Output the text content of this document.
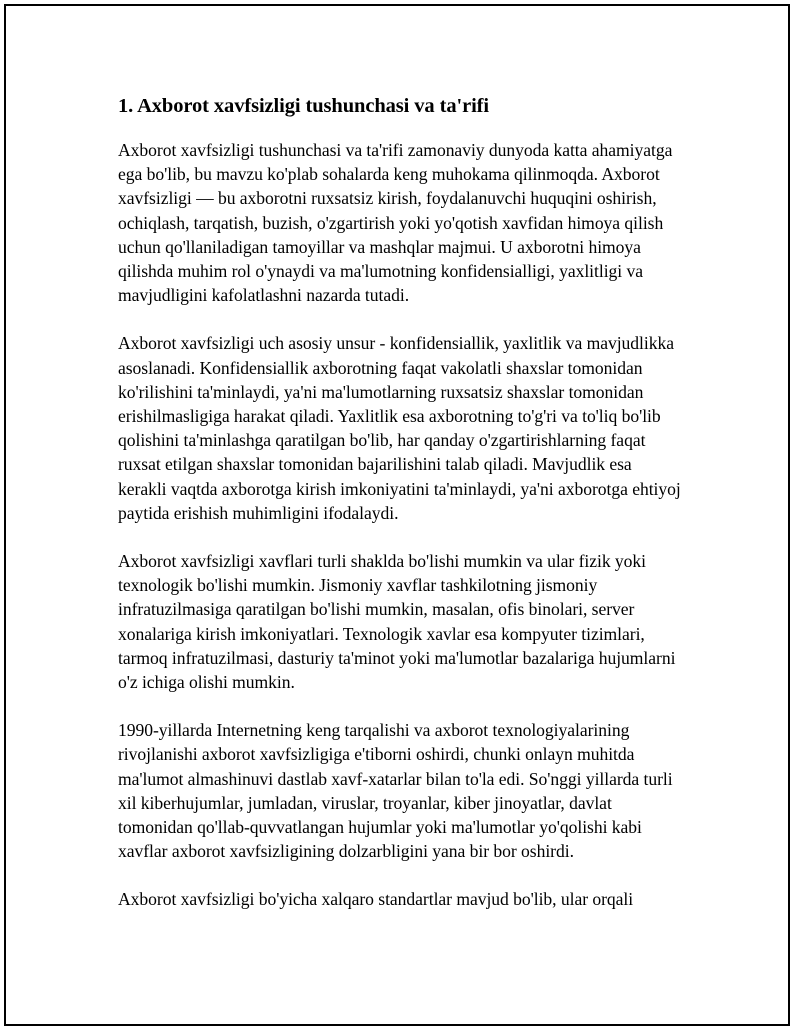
1. Axborot xavfsizligi tushunchasi va ta'rifi

Axborot xavfsizligi tushunchasi va ta'rifi zamonaviy dunyoda katta ahamiyatga ega bo'lib, bu mavzu ko'plab sohalarda keng muhokama qilinmoqda. Axborot xavfsizligi — bu axborotni ruxsatsiz kirish, foydalanuvchi huquqini oshirish, ochiqlash, tarqatish, buzish, o'zgartirish yoki yo'qotish xavfidan himoya qilish uchun qo'llaniladigan tamoyillar va mashqlar majmui. U axborotni himoya qilishda muhim rol o'ynaydi va ma'lumotning konfidensialligi, yaxlitligi va mavjudligini kafolatlashni nazarda tutadi.

Axborot xavfsizligi uch asosiy unsur - konfidensiallik, yaxlitlik va mavjudlikka asoslanadi. Konfidensiallik axborotning faqat vakolatli shaxslar tomonidan ko'rilishini ta'minlaydi, ya'ni ma'lumotlarning ruxsatsiz shaxslar tomonidan erishilmasligiga harakat qiladi. Yaxlitlik esa axborotning to'g'ri va to'liq bo'lib qolishini ta'minlashga qaratilgan bo'lib, har qanday o'zgartirishlarning faqat ruxsat etilgan shaxslar tomonidan bajarilishini talab qiladi. Mavjudlik esa kerakli vaqtda axborotga kirish imkoniyatini ta'minlaydi, ya'ni axborotga ehtiyoj paytida erishish muhimligini ifodalaydi.

Axborot xavfsizligi xavflari turli shaklda bo'lishi mumkin va ular fizik yoki texnologik bo'lishi mumkin. Jismoniy xavflar tashkilotning jismoniy infratuzilmasiga qaratilgan bo'lishi mumkin, masalan, ofis binolari, server xonalariga kirish imkoniyatlari. Texnologik xavlar esa kompyuter tizimlari, tarmoq infratuzilmasi, dasturiy ta'minot yoki ma'lumotlar bazalariga hujumlarni o'z ichiga olishi mumkin.

1990-yillarda Internetning keng tarqalishi va axborot texnologiyalarining rivojlanishi axborot xavfsizligiga e'tiborni oshirdi, chunki onlayn muhitda ma'lumot almashinuvi dastlab xavf-xatarlar bilan to'la edi. So'nggi yillarda turli xil kiberhujumlar, jumladan, viruslar, troyanlar, kiber jinoyatlar, davlat tomonidan qo'llab-quvvatlangan hujumlar yoki ma'lumotlar yo'qolishi kabi xavflar axborot xavfsizligining dolzarbligini yana bir bor oshirdi.

Axborot xavfsizligi bo'yicha xalqaro standartlar mavjud bo'lib, ular orqali
